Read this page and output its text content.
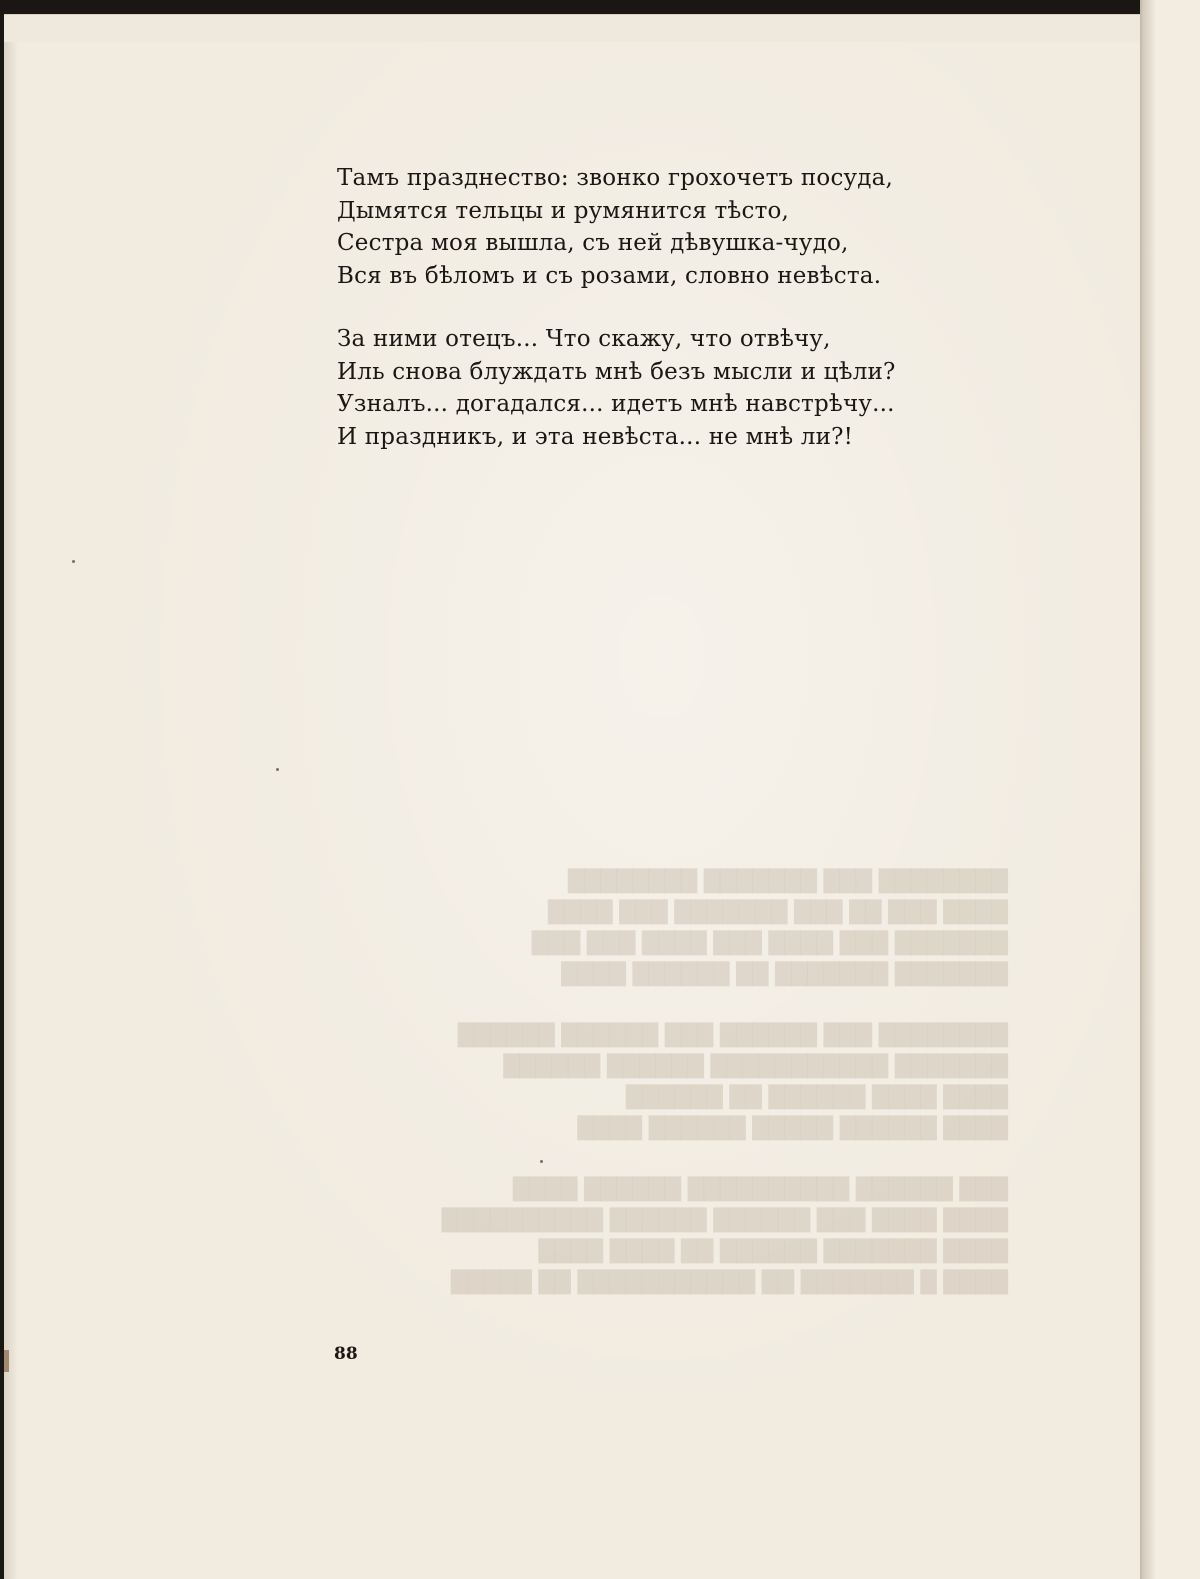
Тамъ празднество: звонко грохочетъ посуда,
Дымятся тельцы и румянится тѣсто,
Сестра моя вышла, съ ней дѣвушка-чудо,
Вся въ бѣломъ и съ розами, словно невѣста.
За ними отецъ... Что скажу, что отвѣчу,
Иль снова блуждать мнѣ безъ мысли и цѣли?
Узналъ... догадался... идетъ мнѣ навстрѣчу...
И праздникъ, и эта невѣста... не мнѣ ли?!
████████ ███ ███████ ████████
████ ███ ██ ███ ███████ ███ ████
███████ ███ ████ ███ ████ ███ ███
███████ ███████ ██ ██████ ████
████████ ███ ██████ ███ ██████ ██████
███████ ███████████ ██████ ██████
████ ████ ██████ ██ ██████
████ ██████ █████ ██████ ████
███ ██████ ██████████ ██████ ████
████ ████ ███ ██████ ██████ ██████████
████ ███████ ██████ ██ ████ ████
████ █ ███████ ██ ███████████ ██ █████
88
